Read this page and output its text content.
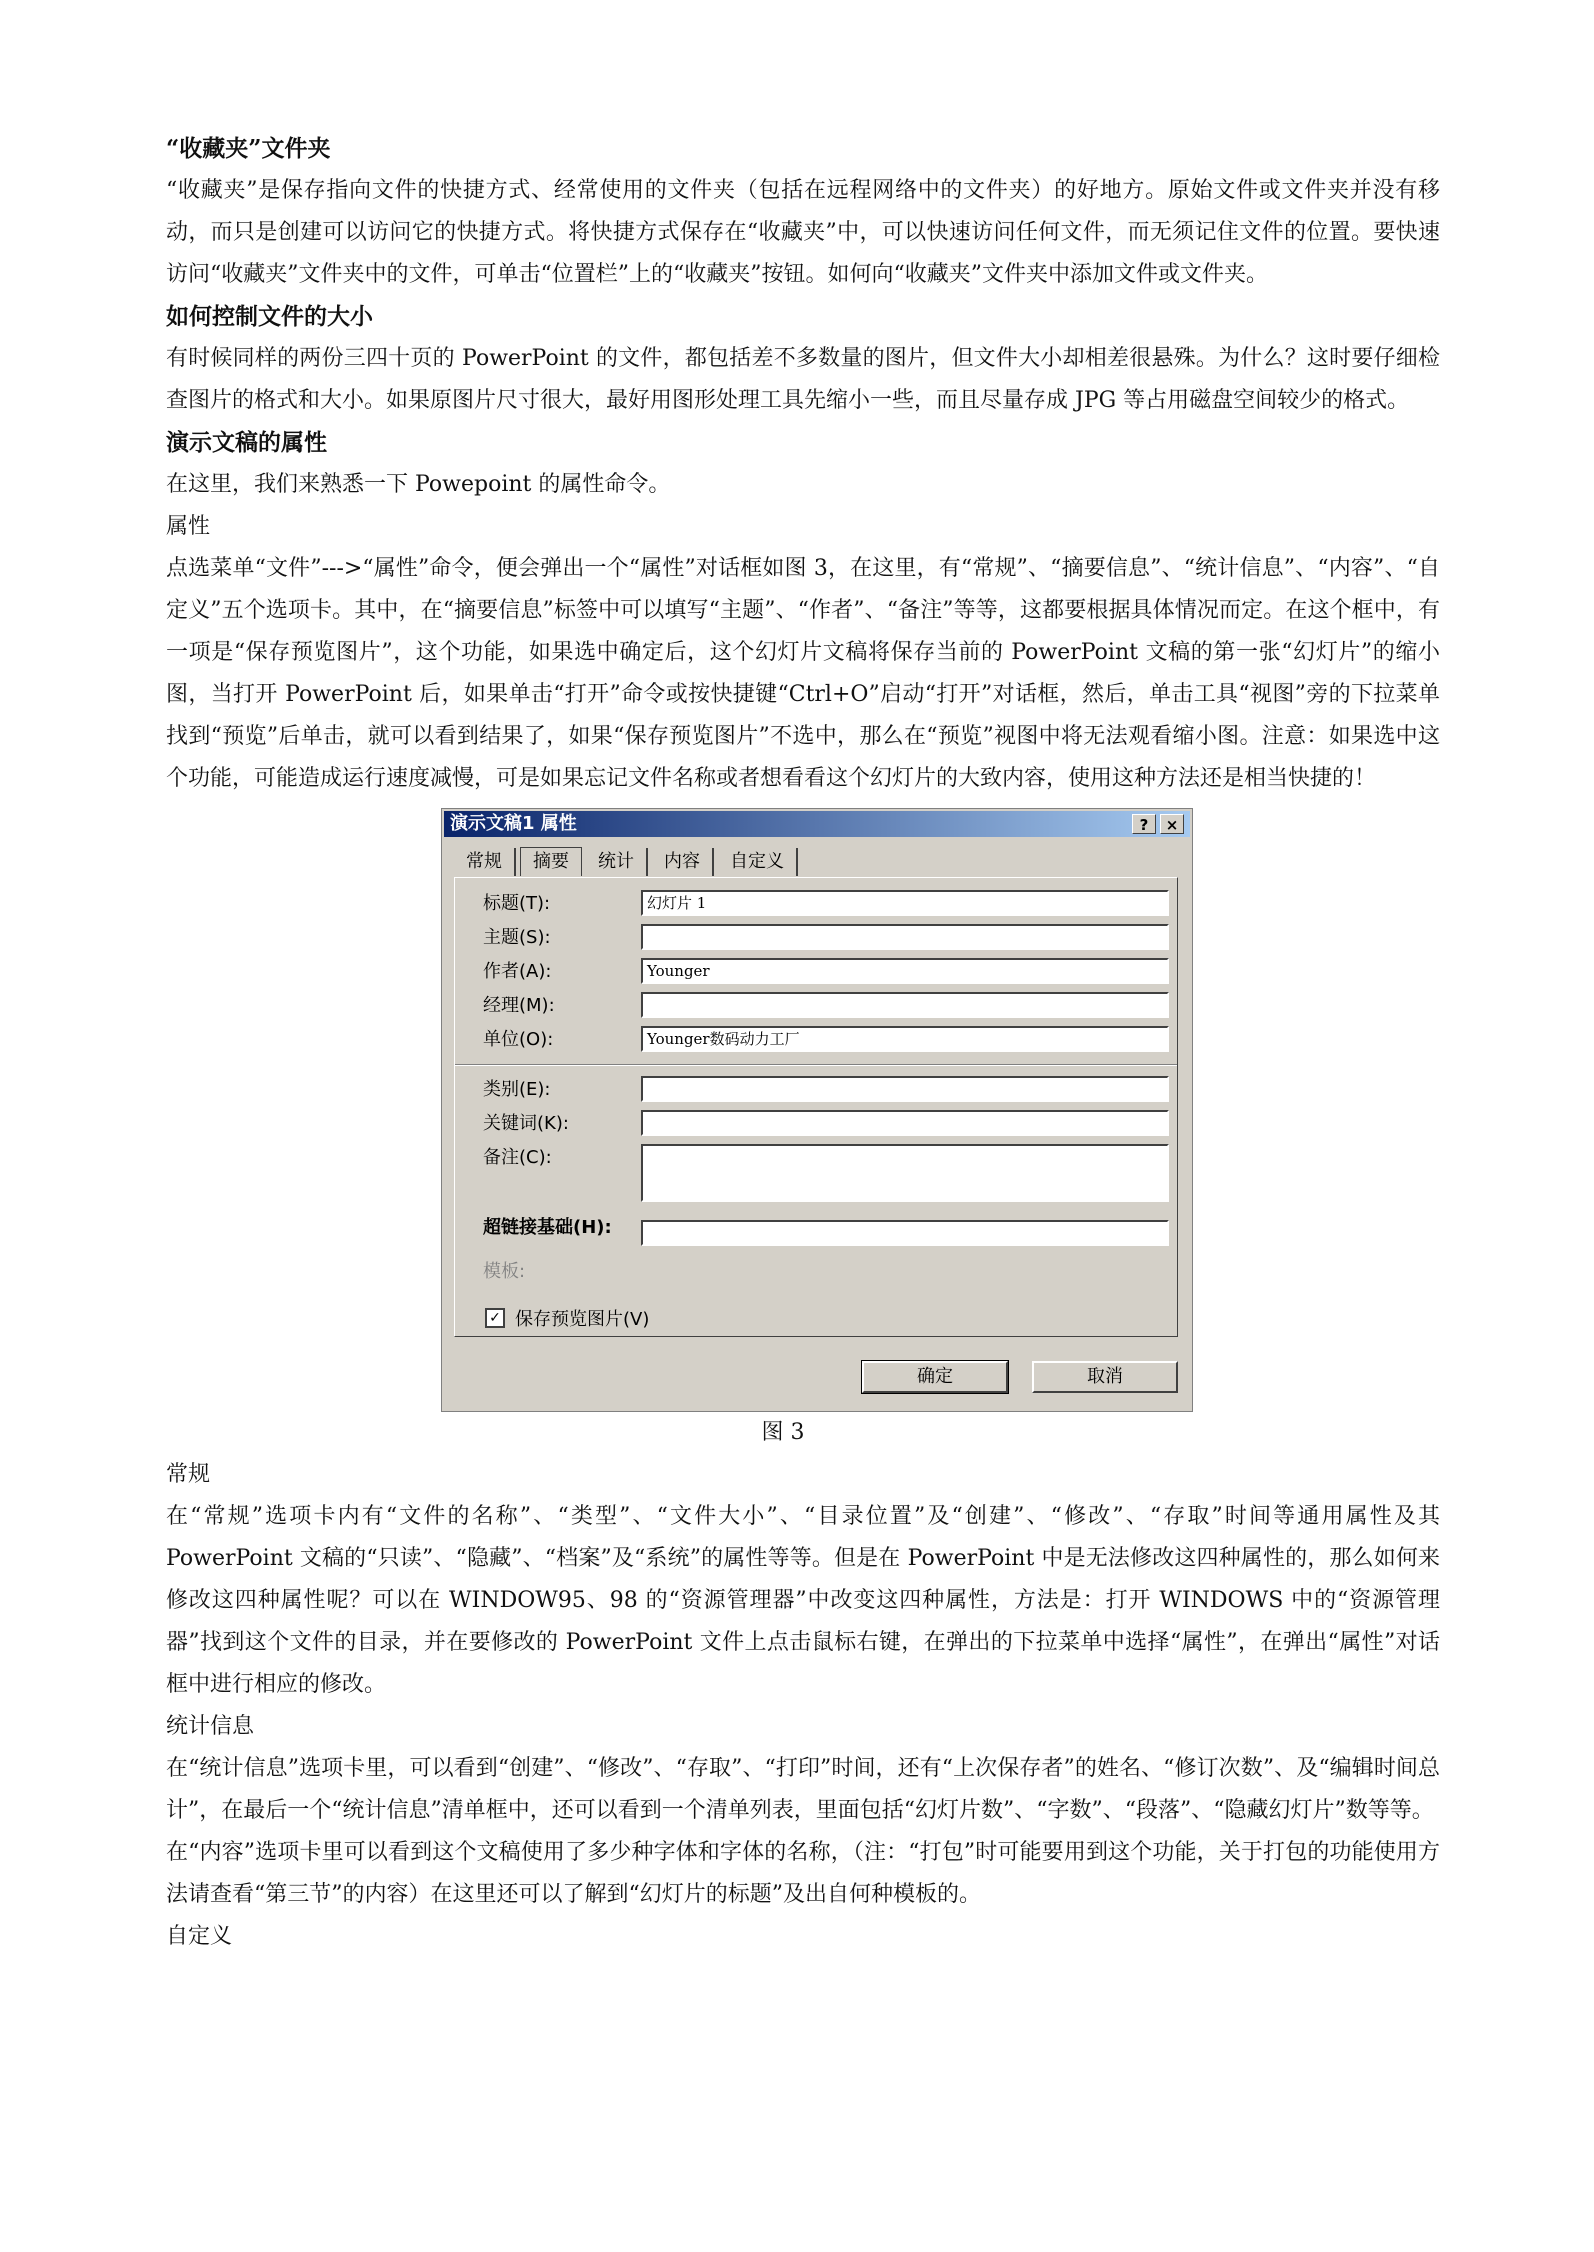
“收藏夹”文件夹

“收藏夹”是保存指向文件的快捷方式、经常使用的文件夹（包括在远程网络中的文件夹）的好地方。原始文件或文件夹并没有移动，而只是创建可以访问它的快捷方式。将快捷方式保存在“收藏夹”中，可以快速访问任何文件，而无须记住文件的位置。要快速访问“收藏夹”文件夹中的文件，可单击“位置栏”上的“收藏夹”按钮。如何向“收藏夹”文件夹中添加文件或文件夹。

如何控制文件的大小

有时候同样的两份三四十页的 PowerPoint 的文件，都包括差不多数量的图片，但文件大小却相差很悬殊。为什么？这时要仔细检查图片的格式和大小。如果原图片尺寸很大，最好用图形处理工具先缩小一些，而且尽量存成 JPG 等占用磁盘空间较少的格式。

演示文稿的属性

在这里，我们来熟悉一下 Powepoint 的属性命令。

属性

点选菜单“文件”--->“属性”命令，便会弹出一个“属性”对话框如图 3，在这里，有“常规”、“摘要信息”、“统计信息”、“内容”、“自定义”五个选项卡。其中，在“摘要信息”标签中可以填写“主题”、“作者”、“备注”等等，这都要根据具体情况而定。在这个框中，有一项是“保存预览图片”，这个功能，如果选中确定后，这个幻灯片文稿将保存当前的 PowerPoint 文稿的第一张“幻灯片”的缩小图，当打开 PowerPoint 后，如果单击“打开”命令或按快捷键“Ctrl+O”启动“打开”对话框，然后，单击工具“视图”旁的下拉菜单找到“预览”后单击，就可以看到结果了，如果“保存预览图片”不选中，那么在“预览”视图中将无法观看缩小图。注意：如果选中这个功能，可能造成运行速度减慢，可是如果忘记文件名称或者想看看这个幻灯片的大致内容，使用这种方法还是相当快捷的！

演示文稿1 属性	?	×
常规 摘要 统计 内容 自定义
标题(T):	幻灯片 1
主题(S):
作者(A):	Younger
经理(M):
单位(O):	Younger数码动力工厂
类别(E):
关键词(K):
备注(C):
超链接基础(H):
模板:
✓ 保存预览图片(V)
确定	取消

图 3

常规

在“常规”选项卡内有“文件的名称”、“类型”、“文件大小”、“目录位置”及“创建”、“修改”、“存取”时间等通用属性及其 PowerPoint 文稿的“只读”、“隐藏”、“档案”及“系统”的属性等等。但是在 PowerPoint 中是无法修改这四种属性的，那么如何来修改这四种属性呢？可以在 WINDOW95、98 的“资源管理器”中改变这四种属性，方法是：打开 WINDOWS 中的“资源管理器”找到这个文件的目录，并在要修改的 PowerPoint 文件上点击鼠标右键，在弹出的下拉菜单中选择“属性”，在弹出“属性”对话框中进行相应的修改。

统计信息

在“统计信息”选项卡里，可以看到“创建”、“修改”、“存取”、“打印”时间，还有“上次保存者”的姓名、“修订次数”、及“编辑时间总计”，在最后一个“统计信息”清单框中，还可以看到一个清单列表，里面包括“幻灯片数”、“字数”、“段落”、“隐藏幻灯片”数等等。

在“内容”选项卡里可以看到这个文稿使用了多少种字体和字体的名称，（注：“打包”时可能要用到这个功能，关于打包的功能使用方法请查看“第三节”的内容）在这里还可以了解到“幻灯片的标题”及出自何种模板的。

自定义
